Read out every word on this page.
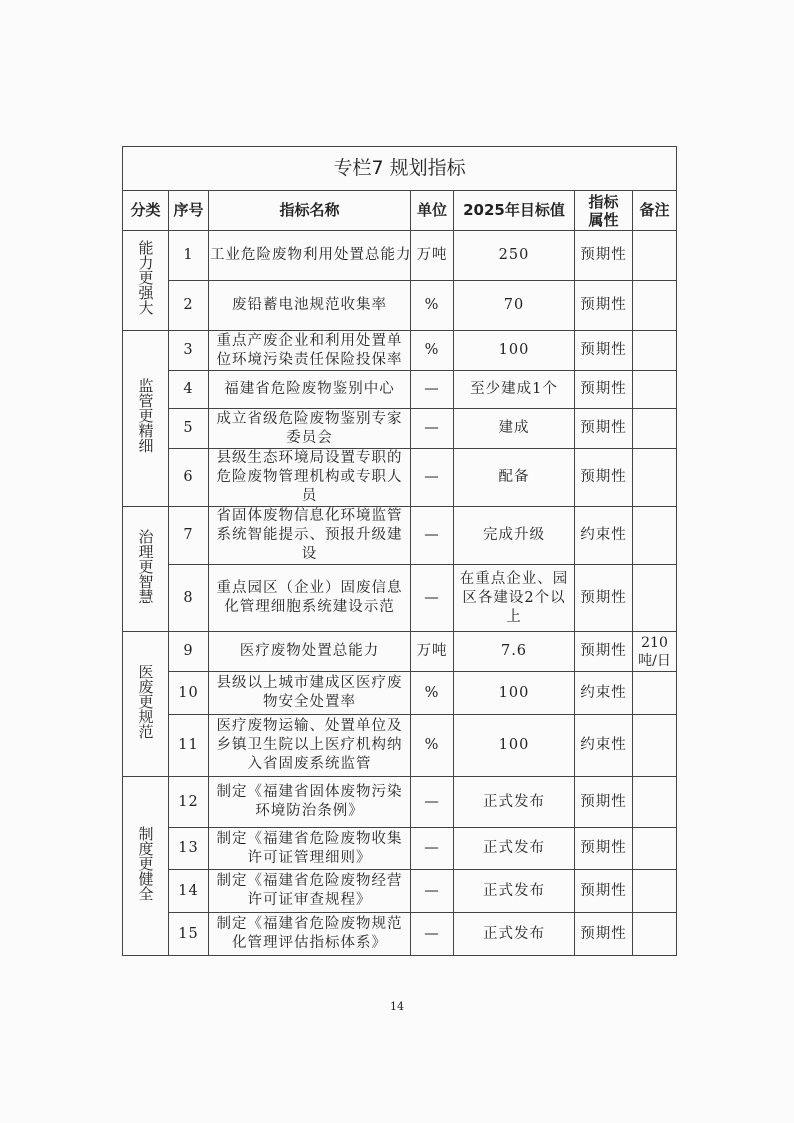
专栏7 规划指标						
分类	序号	指标名称	单位	2025年目标值	指标属性	备注
能力更强大	1	工业危险废物利用处置总能力	万吨	250	预期性	
	2	废铅蓄电池规范收集率	%	70	预期性	
监管更精细	3	重点产废企业和利用处置单位环境污染责任保险投保率	%	100	预期性	
	4	福建省危险废物鉴别中心	—	至少建成1个	预期性	
	5	成立省级危险废物鉴别专家委员会	—	建成	预期性	
	6	县级生态环境局设置专职的危险废物管理机构或专职人员	—	配备	预期性	
治理更智慧	7	省固体废物信息化环境监管系统智能提示、预报升级建设	—	完成升级	约束性	
	8	重点园区（企业）固废信息化管理细胞系统建设示范	—	在重点企业、园区各建设2个以上	预期性	
医废更规范	9	医疗废物处置总能力	万吨	7.6	预期性	210吨/日
	10	县级以上城市建成区医疗废物安全处置率	%	100	约束性	
	11	医疗废物运输、处置单位及乡镇卫生院以上医疗机构纳入省固废系统监管	%	100	约束性	
制度更健全	12	制定《福建省固体废物污染环境防治条例》	—	正式发布	预期性	
	13	制定《福建省危险废物收集许可证管理细则》	—	正式发布	预期性	
	14	制定《福建省危险废物经营许可证审查规程》	—	正式发布	预期性	
	15	制定《福建省危险废物规范化管理评估指标体系》	—	正式发布	预期性	
14
